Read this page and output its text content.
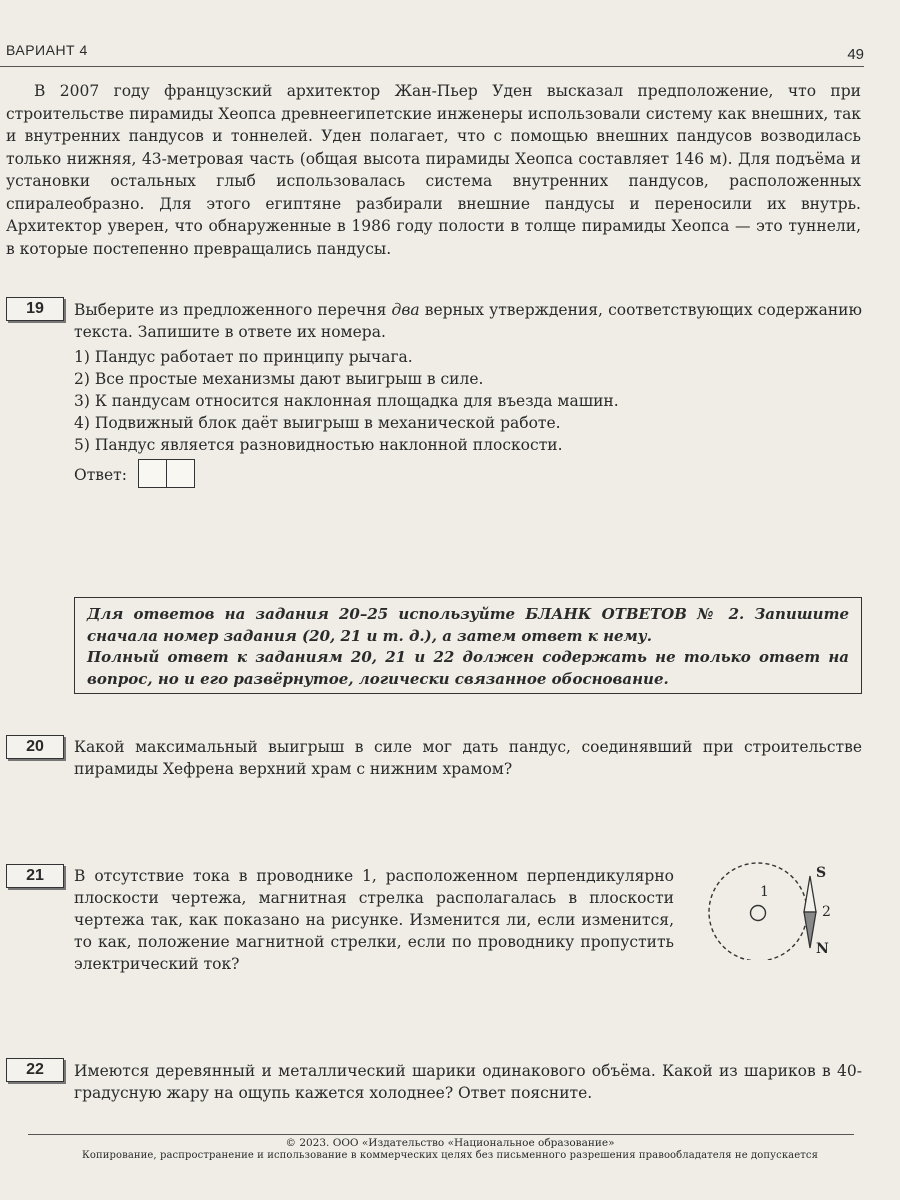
ВАРИАНТ 4	49

В 2007 году французский архитектор Жан-Пьер Уден высказал предположение, что при строительстве пирамиды Хеопса древнеегипетские инженеры использовали систему как внешних, так и внутренних пандусов и тоннелей. Уден полагает, что с помощью внешних пандусов возводилась только нижняя, 43-метровая часть (общая высота пирамиды Хеопса составляет 146 м). Для подъёма и установки остальных глыб использовалась система внутренних пандусов, расположенных спиралеобразно. Для этого египтяне разбирали внешние пандусы и переносили их внутрь. Архитектор уверен, что обнаруженные в 1986 году полости в толще пирамиды Хеопса — это туннели, в которые постепенно превращались пандусы.

19	Выберите из предложенного перечня два верных утверждения, соответствующих содержанию текста. Запишите в ответе их номера.

1) Пандус работает по принципу рычага.
2) Все простые механизмы дают выигрыш в силе.
3) К пандусам относится наклонная площадка для въезда машин.
4) Подвижный блок даёт выигрыш в механической работе.
5) Пандус является разновидностью наклонной плоскости.
Ответ:

Для ответов на задания 20–25 используйте БЛАНК ОТВЕТОВ № 2. Запишите сначала номер задания (20, 21 и т. д.), а затем ответ к нему.

Полный ответ к заданиям 20, 21 и 22 должен содержать не только ответ на вопрос, но и его развёрнутое, логически связанное обоснование.

20	Какой максимальный выигрыш в силе мог дать пандус, соединявший при строительстве пирамиды Хефрена верхний храм с нижним храмом?

21	В отсутствие тока в проводнике 1, расположенном перпендикулярно плоскости чертежа, магнитная стрелка располагалась в плоскости чертежа так, как показано на рисунке. Изменится ли, если изменится, то как, положение магнитной стрелки, если по проводнику пропустить электрический ток?

1
2
S
N
22	Имеются деревянный и металлический шарики одинакового объёма. Какой из шариков в 40-градусную жару на ощупь кажется холоднее? Ответ поясните.

© 2023. ООО «Издательство «Национальное образование»
Копирование, распространение и использование в коммерческих целях без письменного разрешения правообладателя не допускается
